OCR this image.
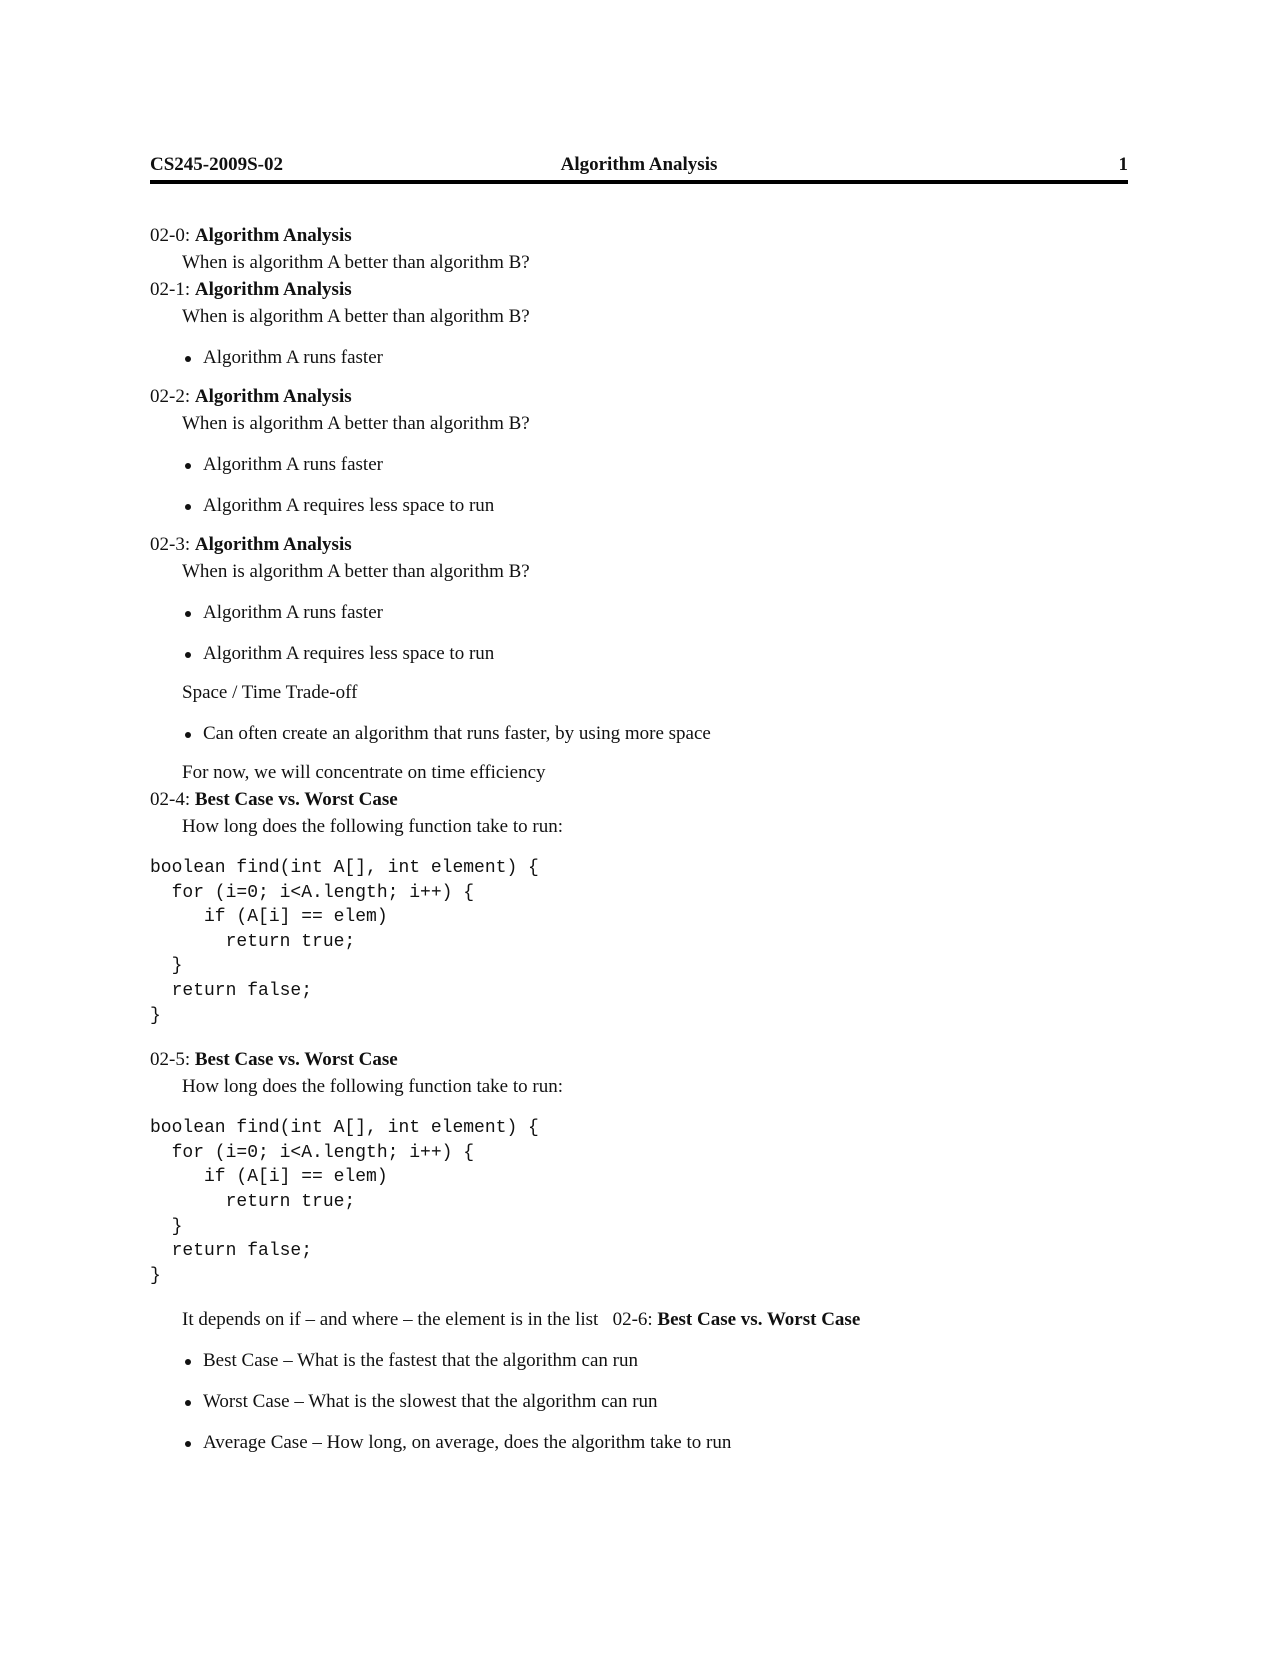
CS245-2009S-02	Algorithm Analysis	1
02-0: Algorithm Analysis
When is algorithm A better than algorithm B?
02-1: Algorithm Analysis
When is algorithm A better than algorithm B?
Algorithm A runs faster
02-2: Algorithm Analysis
When is algorithm A better than algorithm B?
Algorithm A runs faster
Algorithm A requires less space to run
02-3: Algorithm Analysis
When is algorithm A better than algorithm B?
Algorithm A runs faster
Algorithm A requires less space to run
Space / Time Trade-off
Can often create an algorithm that runs faster, by using more space
For now, we will concentrate on time efficiency
02-4: Best Case vs. Worst Case
How long does the following function take to run:
boolean find(int A[], int element) {
for (i=0; i<A.length; i++) {
if (A[i] == elem)
return true;
}
return false;
}
02-5: Best Case vs. Worst Case
How long does the following function take to run:
boolean find(int A[], int element) {
for (i=0; i<A.length; i++) {
if (A[i] == elem)
return true;
}
return false;
}
It depends on if – and where – the element is in the list 02-6: Best Case vs. Worst Case
Best Case – What is the fastest that the algorithm can run
Worst Case – What is the slowest that the algorithm can run
Average Case – How long, on average, does the algorithm take to run
